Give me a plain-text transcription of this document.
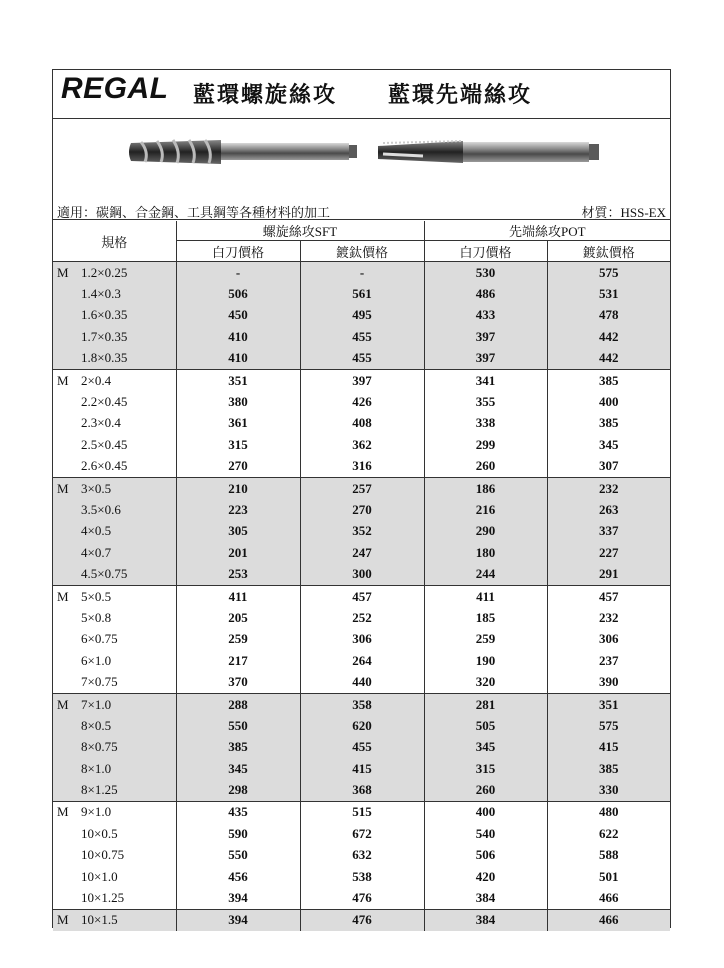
REGAL 藍環螺旋絲攻 藍環先端絲攻
適用：碳鋼、合金鋼、工具鋼等各種材料的加工	材質：HSS-EX
規格	螺旋絲攻SFT		先端絲攻POT	
	白刀價格	鍍鈦價格	白刀價格	鍍鈦價格
M 1.2×0.25	-	-	530	575
1.4×0.3	506	561	486	531
1.6×0.35	450	495	433	478
1.7×0.35	410	455	397	442
1.8×0.35	410	455	397	442
M 2×0.4	351	397	341	385
2.2×0.45	380	426	355	400
2.3×0.4	361	408	338	385
2.5×0.45	315	362	299	345
2.6×0.45	270	316	260	307
M 3×0.5	210	257	186	232
3.5×0.6	223	270	216	263
4×0.5	305	352	290	337
4×0.7	201	247	180	227
4.5×0.75	253	300	244	291
M 5×0.5	411	457	411	457
5×0.8	205	252	185	232
6×0.75	259	306	259	306
6×1.0	217	264	190	237
7×0.75	370	440	320	390
M 7×1.0	288	358	281	351
8×0.5	550	620	505	575
8×0.75	385	455	345	415
8×1.0	345	415	315	385
8×1.25	298	368	260	330
M 9×1.0	435	515	400	480
10×0.5	590	672	540	622
10×0.75	550	632	506	588
10×1.0	456	538	420	501
10×1.25	394	476	384	466
M 10×1.5	394	476	384	466
